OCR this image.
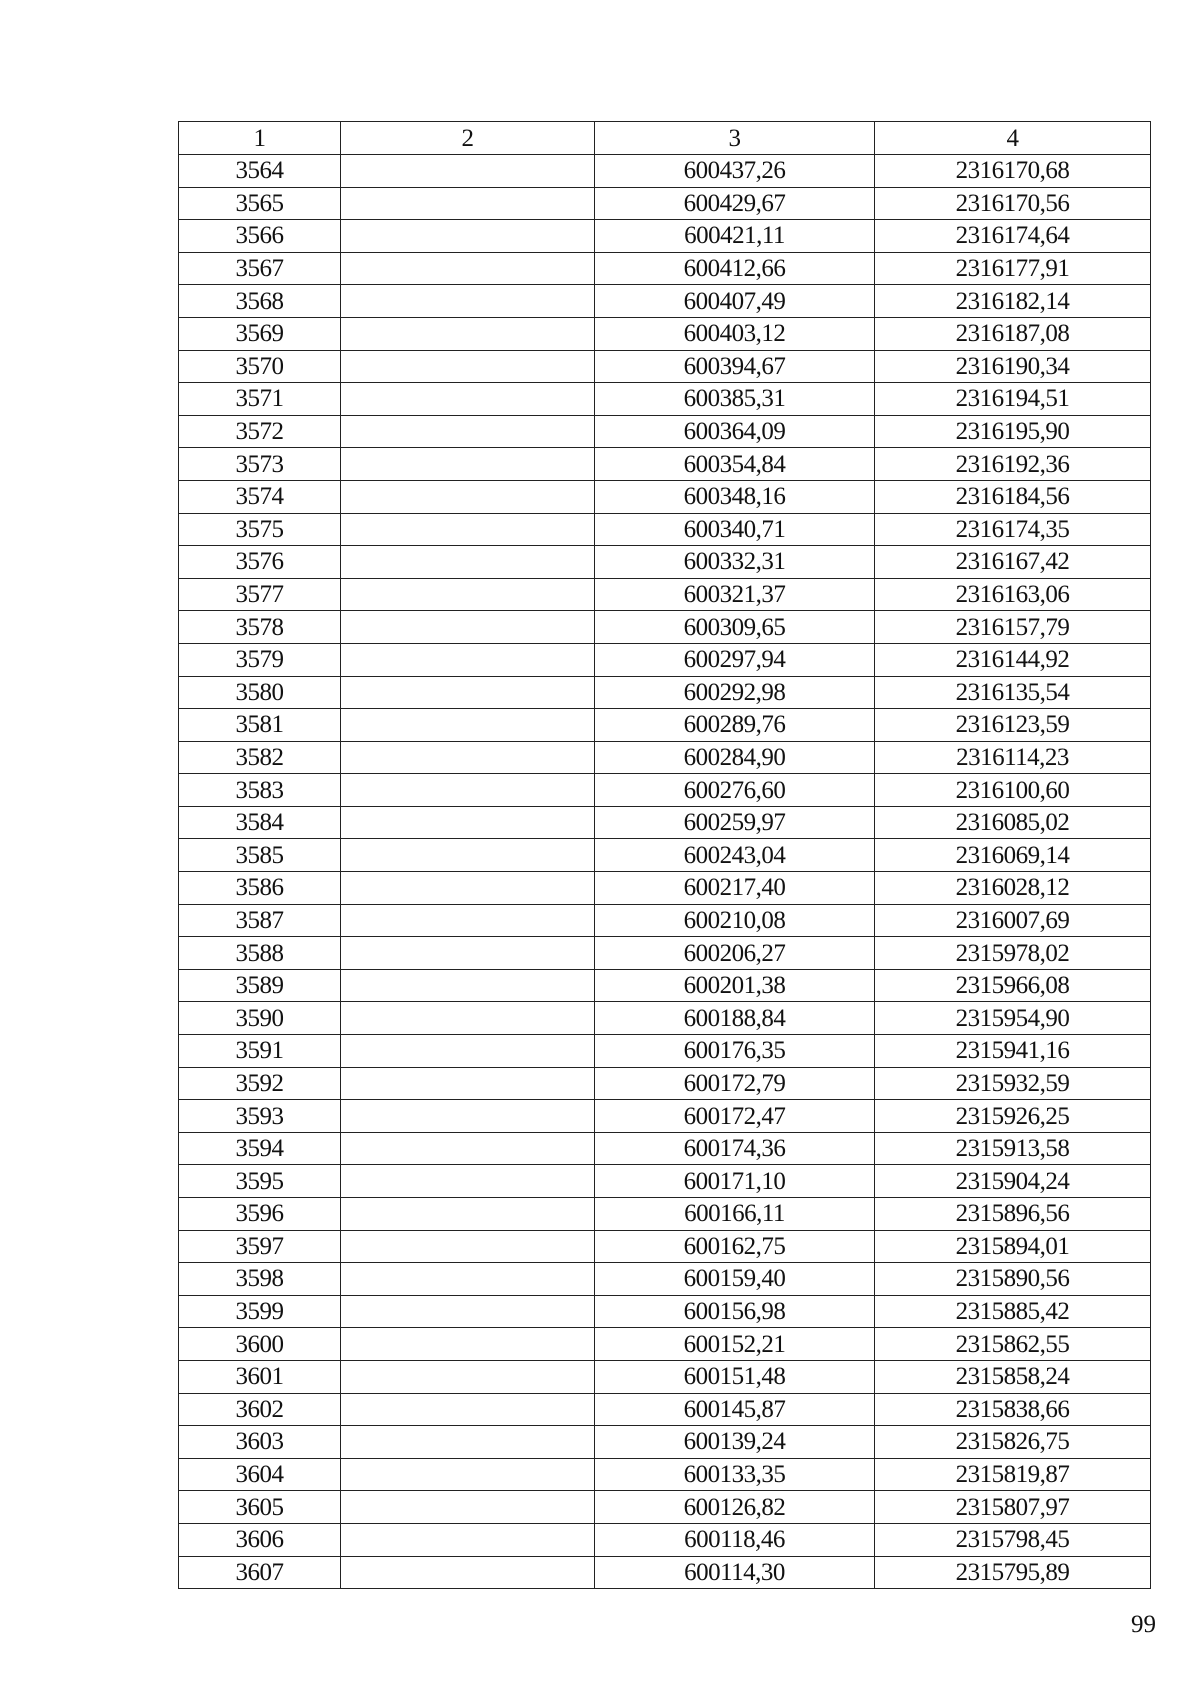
1	2	3	4
3564		600437,26	2316170,68
3565		600429,67	2316170,56
3566		600421,11	2316174,64
3567		600412,66	2316177,91
3568		600407,49	2316182,14
3569		600403,12	2316187,08
3570		600394,67	2316190,34
3571		600385,31	2316194,51
3572		600364,09	2316195,90
3573		600354,84	2316192,36
3574		600348,16	2316184,56
3575		600340,71	2316174,35
3576		600332,31	2316167,42
3577		600321,37	2316163,06
3578		600309,65	2316157,79
3579		600297,94	2316144,92
3580		600292,98	2316135,54
3581		600289,76	2316123,59
3582		600284,90	2316114,23
3583		600276,60	2316100,60
3584		600259,97	2316085,02
3585		600243,04	2316069,14
3586		600217,40	2316028,12
3587		600210,08	2316007,69
3588		600206,27	2315978,02
3589		600201,38	2315966,08
3590		600188,84	2315954,90
3591		600176,35	2315941,16
3592		600172,79	2315932,59
3593		600172,47	2315926,25
3594		600174,36	2315913,58
3595		600171,10	2315904,24
3596		600166,11	2315896,56
3597		600162,75	2315894,01
3598		600159,40	2315890,56
3599		600156,98	2315885,42
3600		600152,21	2315862,55
3601		600151,48	2315858,24
3602		600145,87	2315838,66
3603		600139,24	2315826,75
3604		600133,35	2315819,87
3605		600126,82	2315807,97
3606		600118,46	2315798,45
3607		600114,30	2315795,89
99
